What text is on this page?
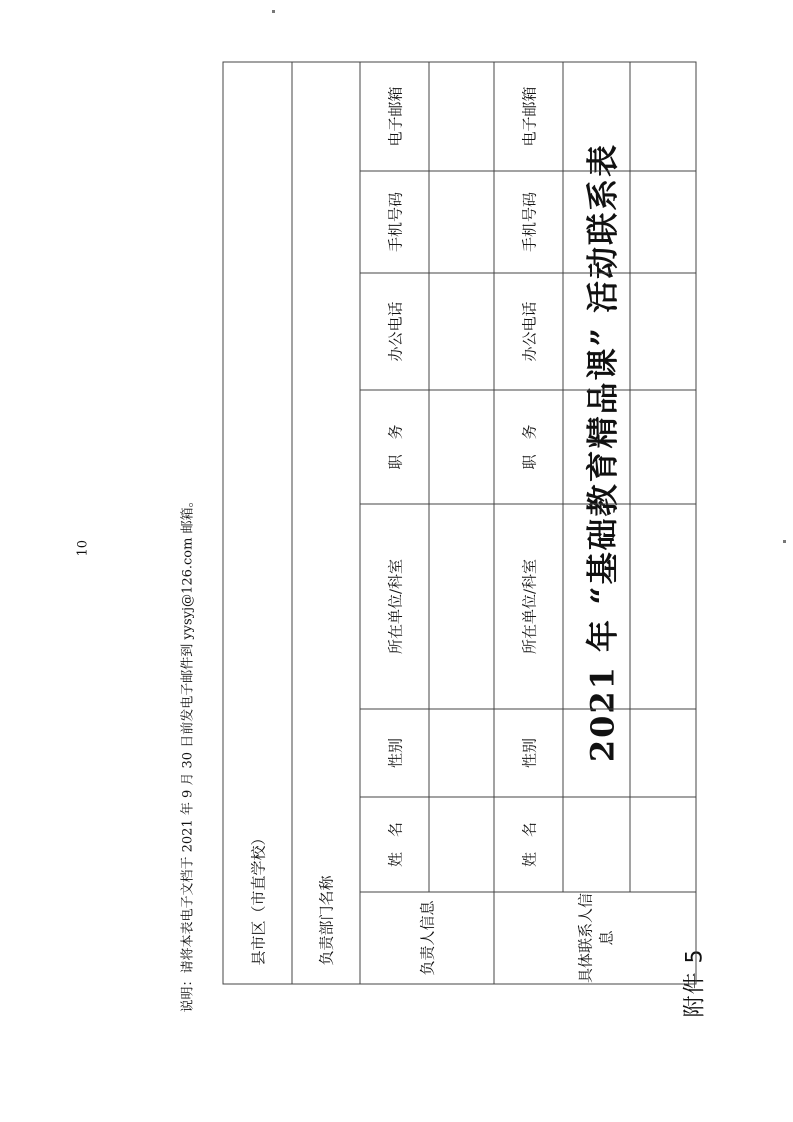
附件 5
2021 年 “基础教育精品课” 活动联系表
县市区（市直学校）							
负责部门名称							
负责人信息	姓　名	性别	所在单位/科室	职　务	办公电话	手机号码	电子邮箱

具体联系人信息	姓　名	性别	所在单位/科室	职　务	办公电话	手机号码	电子邮箱

说明：请将本表电子文档于 2021 年 9 月 30 日前发电子邮件到 yysyj@126.com 邮箱。
10
